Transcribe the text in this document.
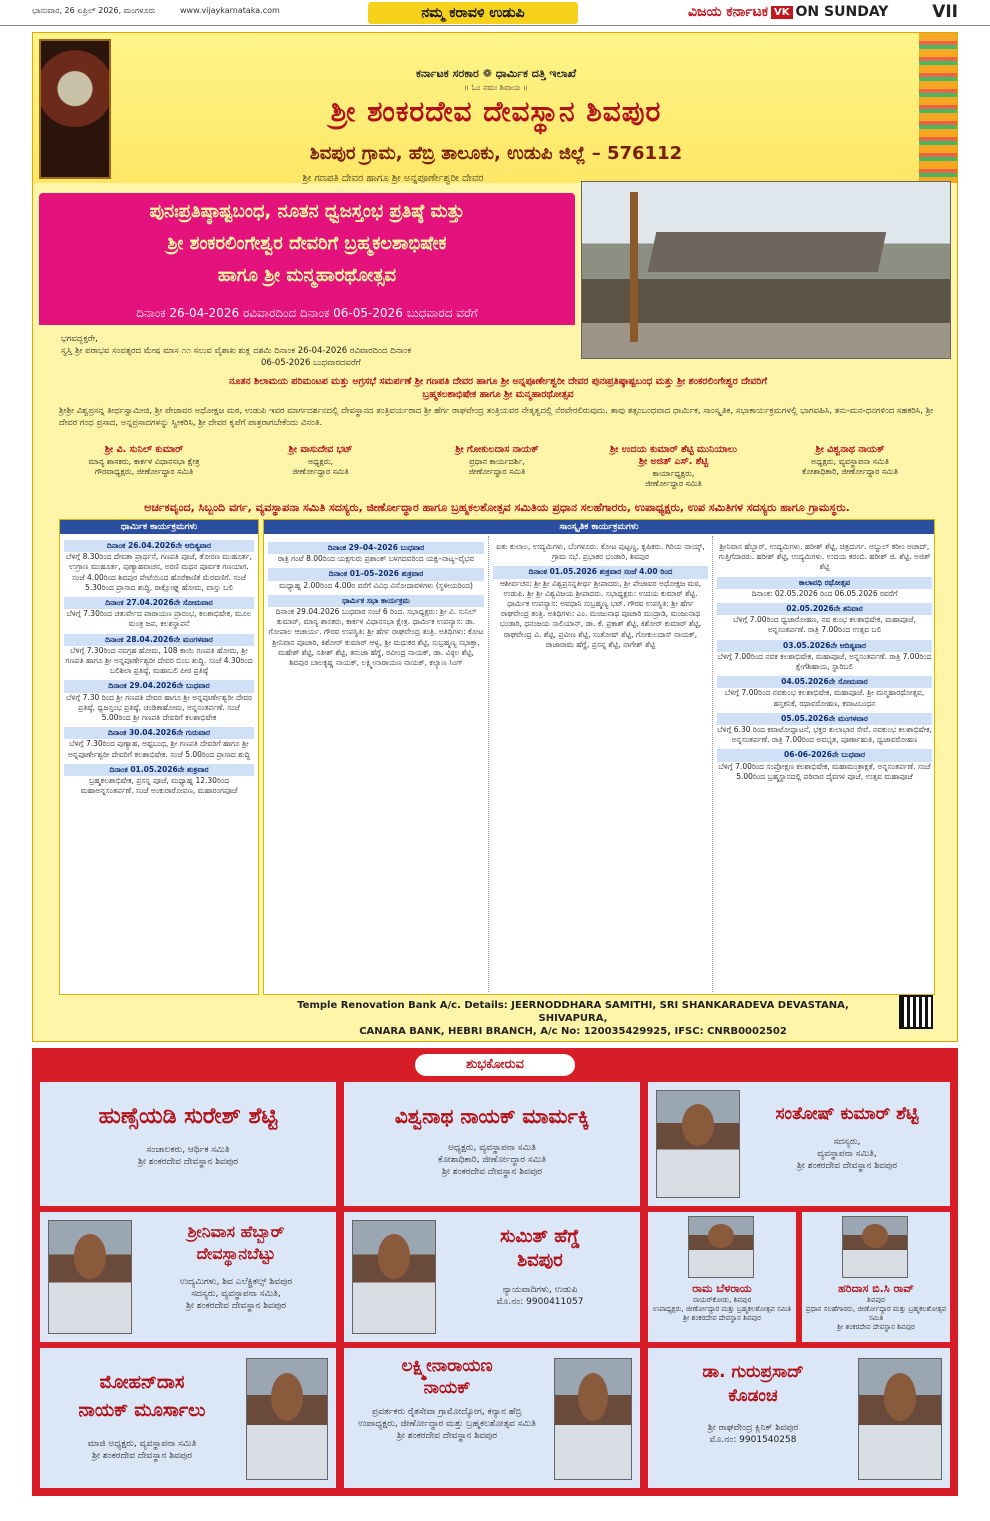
ಭಾನುವಾರ, 26 ಏಪ್ರಿಲ್ 2026, ಮಂಗಳೂರು	www.vijaykarnataka.com	ನಮ್ಮ ಕರಾವಳಿ ಉಡುಪಿ	ವಿಜಯ ಕರ್ನಾಟಕ VK ON SUNDAY	VII
ಕರ್ನಾಟಕ ಸರಕಾರ ❁ ಧಾರ್ಮಿಕ ದತ್ತಿ ಇಲಾಖೆ
॥ ಓಂ ನಮಃ ಶಿವಾಯ ॥
ಶ್ರೀ ಶಂಕರದೇವ ದೇವಸ್ಥಾನ ಶಿವಪುರ
ಶಿವಪುರ ಗ್ರಾಮ, ಹೆಬ್ರಿ ತಾಲೂಕು, ಉಡುಪಿ ಜಿಲ್ಲೆ – 576112
ಶ್ರೀ ಗಣಪತಿ ದೇವರ ಹಾಗೂ ಶ್ರೀ ಅನ್ನಪೂರ್ಣೇಶ್ವರೀ ದೇವರ
ಪುನಃಪ್ರತಿಷ್ಠಾಷ್ಟಬಂಧ, ನೂತನ ಧ್ವಜಸ್ತಂಭ ಪ್ರತಿಷ್ಠೆ ಮತ್ತು
ಶ್ರೀ ಶಂಕರಲಿಂಗೇಶ್ವರ ದೇವರಿಗೆ ಬ್ರಹ್ಮಕಲಶಾಭಿಷೇಕ
ಹಾಗೂ ಶ್ರೀ ಮನ್ಮಹಾರಥೋತ್ಸವ
ದಿನಾಂಕ 26-04-2026 ರವಿವಾರದಿಂದ ದಿನಾಂಕ 06-05-2026 ಬುಧವಾರದ ವರೆಗೆ
ಭಗವದ್ಭಕ್ತರೇ,
ಸ್ವಸ್ತಿ ಶ್ರೀ ಪರಾಭವ ಸಂವತ್ಸರದ ಮೇಷ ಮಾಸ ೧೧ ಸಲುವ ವೈಶಾಖ ಶುಕ್ಲ ದಶಮಿ ದಿನಾಂಕ 26-04-2026 ರವಿವಾರದಿಂದ ದಿನಾಂಕ
06-05-2026 ಬುಧವಾರದವರೆಗೆ
ನೂತನ ಶಿಲಾಮಯ ಪರಿಮಂಟಪ ಮತ್ತು ಅಗ್ರಸಭೆ ಸಮರ್ಪಣೆ ಶ್ರೀ ಗಣಪತಿ ದೇವರ ಹಾಗೂ ಶ್ರೀ ಅನ್ನಪೂರ್ಣೇಶ್ವರೀ ದೇವರ ಪುನಃಪ್ರತಿಷ್ಠಾಷ್ಟಬಂಧ ಮತ್ತು ಶ್ರೀ ಶಂಕರಲಿಂಗೇಶ್ವರ ದೇವರಿಗೆ
ಬ್ರಹ್ಮಕಲಶಾಭಿಷೇಕ ಹಾಗೂ ಶ್ರೀ ಮನ್ಮಹಾರಥೋತ್ಸವ
ಶ್ರೀಶ್ರೀ ವಿಶ್ವಪ್ರಸನ್ನ ತೀರ್ಥಸ್ವಾಮೀಜಿ, ಶ್ರೀ ಪೇಜಾವರ ಅಧೋಕ್ಷಜ ಮಠ, ಉಡುಪಿ ಇವರ ಮಾರ್ಗದರ್ಶನದಲ್ಲಿ ದೇವಸ್ಥಾನದ ತಂತ್ರಿವರ್ಯರಾದ ಶ್ರೀ ಹೆರ್ಗ ರಾಘವೇಂದ್ರ ತಂತ್ರಿಯವರ ನೇತೃತ್ವದಲ್ಲಿ ನೆರವೇರಲಿರುವುದು. ತಾವು ತತ್ಸಂಬಂಧವಾದ ಧಾರ್ಮಿಕ, ಸಾಂಸ್ಕೃತಿಕ, ಸಭಾಕಾರ್ಯಕ್ರಮಗಳಲ್ಲಿ ಭಾಗವಹಿಸಿ, ತನು-ಮನ-ಧನಗಳಿಂದ ಸಹಕರಿಸಿ, ಶ್ರೀ ದೇವರ ಗಂಧ ಪ್ರಸಾದ, ಅನ್ನಪ್ರಸಾದಗಳನ್ನು ಸ್ವೀಕರಿಸಿ, ಶ್ರೀ ದೇವರ ಕೃಪೆಗೆ ಪಾತ್ರರಾಗಬೇಕೆಂದು ವಿನಂತಿ.
ಶ್ರೀ ವಿ. ಸುನಿಲ್ ಕುಮಾರ್
ಮಾನ್ಯ ಶಾಸಕರು, ಕಾರ್ಕಳ ವಿಧಾನಸಭಾ ಕ್ಷೇತ್ರ
ಗೌರವಾಧ್ಯಕ್ಷರು, ಜೀರ್ಣೋದ್ಧಾರ ಸಮಿತಿ
ಶ್ರೀ ವಾಸುದೇವ ಭಟ್
ಅಧ್ಯಕ್ಷರು,
ಜೀರ್ಣೋದ್ಧಾರ ಸಮಿತಿ
ಶ್ರೀ ಗೋಕುಲದಾಸ ನಾಯಕ್
ಪ್ರಧಾನ ಕಾರ್ಯದರ್ಶಿ,
ಜೀರ್ಣೋದ್ಧಾರ ಸಮಿತಿ
ಶ್ರೀ ಉದಯ ಕುಮಾರ್ ಶೆಟ್ಟಿ ಮುನಿಯಾಲು
ಶ್ರೀ ಅಜಿತ್ ಎಸ್. ಶೆಟ್ಟಿ
ಕಾರ್ಯಾಧ್ಯಕ್ಷರು,
ಜೀರ್ಣೋದ್ಧಾರ ಸಮಿತಿ
ಶ್ರೀ ವಿಶ್ವನಾಥ ನಾಯಕ್
ಅಧ್ಯಕ್ಷರು, ವ್ಯವಸ್ಥಾಪನಾ ಸಮಿತಿ
ಕೋಶಾಧಿಕಾರಿ, ಜೀರ್ಣೋದ್ಧಾರ ಸಮಿತಿ
ಅರ್ಚಕವೃಂದ, ಸಿಬ್ಬಂದಿ ವರ್ಗ, ವ್ಯವಸ್ಥಾಪನಾ ಸಮಿತಿ ಸದಸ್ಯರು, ಜೀರ್ಣೋದ್ಧಾರ ಹಾಗೂ ಬ್ರಹ್ಮಕಲಶೋತ್ಸವ ಸಮಿತಿಯ ಪ್ರಧಾನ ಸಲಹೆಗಾರರು, ಉಪಾಧ್ಯಕ್ಷರು, ಉಪ ಸಮಿತಿಗಳ ಸದಸ್ಯರು ಹಾಗೂ ಗ್ರಾಮಸ್ಥರು.
ಧಾರ್ಮಿಕ ಕಾರ್ಯಕ್ರಮಗಳು
ದಿನಾಂಕ 26.04.2026ನೇ ಆದಿತ್ಯವಾರ
ಬೆಳಿಗ್ಗೆ 8.30ರಿಂದ ದೇವತಾ ಪ್ರಾರ್ಥನೆ, ಗಣಪತಿ ಪೂಜೆ, ತೋರಣ ಮುಹೂರ್ತ, ಉಗ್ರಾಣ ಮುಹೂರ್ತ, ಪುಣ್ಯಾಹವಾಚನ, ಅರಣಿ ಮಥನ ಪೂರ್ವಕ ಗಣಯಾಗ. ಸಂಜೆ 4.00ರಿಂದ ಶಿವಪುರ ಪೇಟೆಯಿಂದ ಹೊರೆಕಾಣಿಕೆ ಮೆರವಣಿಗೆ. ಸಂಜೆ 5.30ರಿಂದ ಪ್ರಾಸಾದ ಶುದ್ಧಿ, ರಾಕ್ಷೋಘ್ನ ಹೋಮ, ವಾಸ್ತು ಬಲಿ
ದಿನಾಂಕ 27.04.2026ನೇ ಸೋಮವಾರ
ಬೆಳಿಗ್ಗೆ 7.30ರಿಂದ ಚತುರ್ವೇದ ಪಾರಾಯಣ ಪ್ರಾರಂಭ, ಕಲಶಾಭಿಷೇಕ, ಮೂಲ ಮಂತ್ರ ಜಪ, ಕಲಶಸ್ಥಾಪನೆ
ದಿನಾಂಕ 28.04.2026ನೇ ಮಂಗಳವಾರ
ಬೆಳಿಗ್ಗೆ 7.30ರಿಂದ ನವಗ್ರಹ ಹೋಮ, 108 ಕಾಯಿ ಗಣಪತಿ ಹೋಮ, ಶ್ರೀ ಗಣಪತಿ ಹಾಗೂ ಶ್ರೀ ಅನ್ನಪೂರ್ಣೇಶ್ವರೀ ದೇವರ ಬಿಂಬ ಶುದ್ಧಿ. ಸಂಜೆ 4.30ರಿಂದ ಬಲಿಶಿಲಾ ಪ್ರತಿಷ್ಠೆ, ಮಹಾಬಲಿ ಪೀಠ ಪ್ರತಿಷ್ಠೆ
ದಿನಾಂಕ 29.04.2026ನೇ ಬುಧವಾರ
ಬೆಳಿಗ್ಗೆ 7.30 ರಿಂದ ಶ್ರೀ ಗಣಪತಿ ದೇವರ ಹಾಗೂ ಶ್ರೀ ಅನ್ನಪೂರ್ಣೇಶ್ವರೀ ದೇವರ ಪ್ರತಿಷ್ಠೆ, ಧ್ವಜಸ್ತಂಭ ಪ್ರತಿಷ್ಠೆ, ಚಂಡಿಕಾಹೋಮ, ಅನ್ನಸಂತರ್ಪಣೆ. ಸಂಜೆ 5.00ರಿಂದ ಶ್ರೀ ಗಣಪತಿ ದೇವರಿಗೆ ಕಲಶಾಭಿಷೇಕ
ದಿನಾಂಕ 30.04.2026ನೇ ಗುರುವಾರ
ಬೆಳಿಗ್ಗೆ 7.30ರಿಂದ ಪುಣ್ಯಾಹ, ಅಷ್ಟಬಂಧ, ಶ್ರೀ ಗಣಪತಿ ದೇವರಿಗೆ ಹಾಗೂ ಶ್ರೀ ಅನ್ನಪೂರ್ಣೇಶ್ವರೀ ದೇವರಿಗೆ ಕಲಶಾಭಿಷೇಕ. ಸಂಜೆ 5.00ರಿಂದ ಪ್ರಾಸಾದ ಶುದ್ಧಿ
ದಿನಾಂಕ 01.05.2026ನೇ ಶುಕ್ರವಾರ
ಬ್ರಹ್ಮಕಲಶಾಭಿಷೇಕ, ಪ್ರಸನ್ನ ಪೂಜೆ, ಮಧ್ಯಾಹ್ನ 12.30ರಿಂದ ಮಹಾಅನ್ನಸಂತರ್ಪಣೆ. ಸಂಜೆ ಅಂಕುರಾರೋಪಣ, ಮಹಾರಂಗಪೂಜೆ
ಸಾಂಸ್ಕೃತಿಕ ಕಾರ್ಯಕ್ರಮಗಳು
ದಿನಾಂಕ 29–04–2026 ಬುಧವಾರ
ರಾತ್ರಿ ಗಂಟೆ 8.00ರಿಂದ ಯಕ್ಷಗುರು ಪ್ರಶಾಂತ್ ಬಳಗದವರಿಂದ ಯಕ್ಷ–ನಾಟ್ಯ–ವೈಭವ
ದಿನಾಂಕ 01–05–2026 ಶುಕ್ರವಾರ
ಮಧ್ಯಾಹ್ನ 2.00ರಿಂದ 4.00ರ ವರೆಗೆ ವಿವಿಧ ವಿನೋದಾವಳಿಗಳು (ಸ್ಥಳೀಯರಿಂದ)
ಧಾರ್ಮಿಕ ಸಭಾ ಕಾರ್ಯಕ್ರಮ
ದಿನಾಂಕ 29.04.2026 ಬುಧವಾರ ಸಂಜೆ 6 ರಿಂದ. ಸಭಾಧ್ಯಕ್ಷರು: ಶ್ರೀ ವಿ. ಸುನಿಲ್ ಕುಮಾರ್, ಮಾನ್ಯ ಶಾಸಕರು, ಕಾರ್ಕಳ ವಿಧಾನಸಭಾ ಕ್ಷೇತ್ರ. ಧಾರ್ಮಿಕ ಉಪನ್ಯಾಸ: ಡಾ. ಗೋಪಾಲ ಆಚಾರ್ಯ. ಗೌರವ ಉಪಸ್ಥಿತಿ: ಶ್ರೀ ಹೆರ್ಗ ರಾಘವೇಂದ್ರ ತಂತ್ರಿ. ಅತಿಥಿಗಳು: ಕೋಟ ಶ್ರೀನಿವಾಸ ಪೂಜಾರಿ, ಕಿಶೋರ್ ಕುಮಾರ್ ಆಳ್ವ, ಶ್ರೀ ಮಧುಕರ ಶೆಟ್ಟಿ, ಸುಬ್ರಹ್ಮಣ್ಯ ಸಭಾಕ್ತಾ, ಮಹೇಶ್ ಶೆಟ್ಟಿ, ಸತೀಶ್ ಶೆಟ್ಟಿ, ತನುಜಾ ಹೆಗ್ಡೆ, ರವೀಂದ್ರ ನಾಯಕ್, ಡಾ. ವಿಠ್ಠಲ ಶೆಟ್ಟಿ, ಶಿವಪುರ ಬಾಲಕೃಷ್ಣ ನಾಯಕ್, ಲಕ್ಷ್ಮೀನಾರಾಯಣ ನಾಯಕ್, ಕಲ್ಯಾಣ ಸಿಂಗ್
ಐತು ಕುಲಾಲ, ಉದ್ಯಮಿಗಳು, ಬೆಂಗಳೂರು. ಕೋಟ ಪುಟ್ಟಣ್ಣ, ಕೃಷಿಕರು. ಗಿರಿಯ ನಾಯ್ಕ್, ಗ್ರಾಮ ಸಭೆ. ಪ್ರಭಾಕರ ಭಂಡಾರಿ, ಶಿವಪುರ
ದಿನಾಂಕ 01.05.2026 ಶುಕ್ರವಾರ ಸಂಜೆ 4.00 ರಿಂದ
ಆಶೀರ್ವಚನ: ಶ್ರೀ ಶ್ರೀ ವಿಶ್ವಪ್ರಸನ್ನತೀರ್ಥ ಶ್ರೀಪಾದರು, ಶ್ರೀ ಪೇಜಾವರ ಅಧೋಕ್ಷಜ ಮಠ, ಉಡುಪಿ. ಶ್ರೀ ಶ್ರೀ ವಿಶ್ವವಿಜಯ ಶ್ರೀಪಾದರು. ಸಭಾಧ್ಯಕ್ಷರು: ಉದಯ ಕುಮಾರ್ ಶೆಟ್ಟಿ. ಧಾರ್ಮಿಕ ಉಪನ್ಯಾಸ: ಅವಧಾನಿ ಸುಬ್ರಹ್ಮಣ್ಯ ಭಟ್. ಗೌರವ ಉಪಸ್ಥಿತಿ: ಶ್ರೀ ಹೆರ್ಗ ರಾಘವೇಂದ್ರ ತಂತ್ರಿ. ಅತಿಥಿಗಳು: ಎಂ. ಮಂಜುನಾಥ ಪೂಜಾರಿ ಮುದ್ರಾಡಿ, ಮಂಜುನಾಥ ಭಂಡಾರಿ, ಧನಂಜಯ ಸಾಲಿಯಾನ್, ಡಾ. ಕೆ. ಪ್ರಕಾಶ್ ಶೆಟ್ಟಿ, ಕಿಶೋರ್ ಕುಮಾರ್ ಶೆಟ್ಟಿ, ರಾಘವೇಂದ್ರ ವಿ. ಶೆಟ್ಟಿ, ಪ್ರವೀಣ ಶೆಟ್ಟಿ, ಸಂತೋಷ್ ಶೆಟ್ಟಿ, ಗೋಕುಲದಾಸ್ ನಾಯಕ್, ರಾಜಾರಾಮ ಹೆಗ್ಡೆ, ಪ್ರಸನ್ನ ಶೆಟ್ಟಿ, ನಾಗೇಶ್ ಶೆಟ್ಟಿ
ಶ್ರೀನಿವಾಸ ಹೆಬ್ಬಾರ್, ಉದ್ಯಮಿಗಳು. ಹರೀಶ್ ಶೆಟ್ಟಿ, ಚಿತ್ರದುರ್ಗ. ಅಬ್ದುಲ್ ಕರೀಂ ಅಜಾದ್, ಗುತ್ತಿಗೆದಾರರು. ಹರೀಶ್ ಶೆಟ್ಟಿ, ಉದ್ಯಮಿಗಳು. ಉದಯ ಕರಂಬಿ. ಹರೀಶ್ ಜಿ. ಶೆಟ್ಟಿ. ಅಜಿತ್ ಶೆಟ್ಟಿ
ಕಾಲಾವಧಿ ರಥೋತ್ಸವ
ದಿನಾಂಕ: 02.05.2026 ರಿಂದ 06.05.2026 ರವರೆಗೆ
02.05.2026ನೇ ಶನಿವಾರ
ಬೆಳಿಗ್ಗೆ 7.00ರಿಂದ ಧ್ವಜಾರೋಹಣ, ನವ ಕುಂಭ ಕಲಶಾಭಿಷೇಕ, ಮಹಾಪೂಜೆ, ಅನ್ನಸಂತರ್ಪಣೆ. ರಾತ್ರಿ 7.00ರಿಂದ ಉತ್ಸವ ಬಲಿ
03.05.2026ನೇ ಆದಿತ್ಯವಾರ
ಬೆಳಿಗ್ಗೆ 7.00ರಿಂದ ನವಕ ಕಲಶಾಭಿಷೇಕ, ಮಹಾಪೂಜೆ, ಅನ್ನಸಂತರ್ಪಣೆ. ರಾತ್ರಿ 7.00ರಿಂದ ಕ್ಷೇಗೆಶಿಹಾಯ, ಸ್ಥಾರಿಬಲಿ
04.05.2026ನೇ ಸೋಮವಾರ
ಬೆಳಿಗ್ಗೆ 7.00ರಿಂದ ನವಕುಂಭ ಕಲಶಾಭಿಷೇಕ, ಮಹಾಪೂಜೆ. ಶ್ರೀ ಮನ್ಮಹಾರಥೋತ್ಸವ, ಹಸ್ತಕನಿಕೆ, ರಥಾವರೋಹಣ, ಕವಾಟಬಂಧನ
05.05.2026ನೇ ಮಂಗಳವಾರ
ಬೆಳಿಗ್ಗೆ 6.30 ರಿಂದ ಕವಾಟೋದ್ಘಾಟನೆ, ಭಕ್ತರ ತುಲಾಭಾರ ಸೇವೆ. ನವಕುಂಭ ಕಲಶಾಭಿಷೇಕ, ಅನ್ನಸಂತರ್ಪಣೆ. ರಾತ್ರಿ 7.00ರಿಂದ ಅವಭೃತ, ಪೂರ್ಣಾಹುತಿ, ಧ್ವಜಾವರೋಹಣ
06-06-2026ನೇ ಬುಧವಾರ
ಬೆಳಿಗ್ಗೆ 7.00ರಿಂದ ಸಂಪ್ರೋಕ್ಷಣ ಕಲಶಾಭಿಷೇಕ, ಮಹಾಮಂತ್ರಾಕ್ಷತೆ, ಅನ್ನಸಂತರ್ಪಣೆ. ಸಂಜೆ 5.00ರಿಂದ ಬ್ರಹ್ಮಸ್ಥಾನದಲ್ಲಿ ಪರಿವಾರ ದೈವಗಳ ಪೂಜೆ, ಉತ್ಸವ ಮಹಾಪೂಜೆ
Temple Renovation Bank A/c. Details: JEERNODDHARA SAMITHI, SRI SHANKARADEVA DEVASTANA, SHIVAPURA,
CANARA BANK, HEBRI BRANCH, A/c No: 120035429925, IFSC: CNRB0002502
ಶುಭಕೋರುವ
ಹುಣ್ಸೆಯಡಿ ಸುರೇಶ್ ಶೆಟ್ಟಿ
ಸಂಚಾಲಕರು, ಆರ್ಥಿಕ ಸಮಿತಿ
ಶ್ರೀ ಶಂಕರದೇವ ದೇವಸ್ಥಾನ ಶಿವಪುರ
ವಿಶ್ವನಾಥ ನಾಯಕ್ ಮಾರ್ಮಕ್ಕಿ
ಅಧ್ಯಕ್ಷರು, ವ್ಯವಸ್ಥಾಪನಾ ಸಮಿತಿ
ಕೋಶಾಧಿಕಾರಿ, ಜೀರ್ಣೋದ್ಧಾರ ಸಮಿತಿ
ಶ್ರೀ ಶಂಕರದೇವ ದೇವಸ್ಥಾನ ಶಿವಪುರ
ಸಂತೋಷ್ ಕುಮಾರ್ ಶೆಟ್ಟಿ
ಸದಸ್ಯರು,
ವ್ಯವಸ್ಥಾಪನಾ ಸಮಿತಿ,
ಶ್ರೀ ಶಂಕರದೇವ ದೇವಸ್ಥಾನ ಶಿವಪುರ
ಶ್ರೀನಿವಾಸ ಹೆಬ್ಬಾರ್
ದೇವಸ್ಥಾನಬೆಟ್ಟು
ಉದ್ಯಮಿಗಳು, ಶಿವ ಎಲೆಕ್ಟ್ರಿಕಲ್ಸ್ ಶಿವಪುರ
ಸದಸ್ಯರು, ವ್ಯವಸ್ಥಾಪನಾ ಸಮಿತಿ,
ಶ್ರೀ ಶಂಕರದೇವ ದೇವಸ್ಥಾನ ಶಿವಪುರ
ಸುಮಿತ್ ಹೆಗ್ಡೆ
ಶಿವಪುರ
ನ್ಯಾಯವಾದಿಗಳು, ಉಡುಪಿ
ಮೊ.ನಂ: 9900411057
ರಾಮ ಬೆಳರಾಯ
ನಾಯರ್‌ಕೋಡು, ಶಿವಪುರ
ಉಪಾಧ್ಯಕ್ಷರು, ಜೀರ್ಣೋದ್ಧಾರ ಮತ್ತು ಬ್ರಹ್ಮಕಲಶೋತ್ಸವ ಸಮಿತಿ
ಶ್ರೀ ಶಂಕರದೇವ ದೇವಸ್ಥಾನ ಶಿವಪುರ
ಹರಿದಾಸ ಬಿ.ಸಿ ರಾವ್
ಶಿವಪುರ
ಪ್ರಧಾನ ಸಲಹೆಗಾರರು, ಜೀರ್ಣೋದ್ಧಾರ ಮತ್ತು ಬ್ರಹ್ಮಕಲಶೋತ್ಸವ ಸಮಿತಿ
ಶ್ರೀ ಶಂಕರದೇವ ದೇವಸ್ಥಾನ ಶಿವಪುರ
ಮೋಹನ್‌ದಾಸ
ನಾಯಕ್ ಮೂರ್ಸಾಲು
ಮಾಜಿ ಅಧ್ಯಕ್ಷರು, ವ್ಯವಸ್ಥಾಪನಾ ಸಮಿತಿ
ಶ್ರೀ ಶಂಕರದೇವ ದೇವಸ್ಥಾನ ಶಿವಪುರ
ಲಕ್ಷ್ಮೀನಾರಾಯಣ
ನಾಯಕ್
ಪ್ರವರ್ತಕರು ರೈತಸೇವಾ ಗ್ರಾಮೋದ್ಯೋಗ, ಕನ್ಯಾನ ಹೆಬ್ರಿ
ಉಪಾಧ್ಯಕ್ಷರು, ಜೀರ್ಣೋದ್ಧಾರ ಮತ್ತು ಬ್ರಹ್ಮಕಲಶೋತ್ಸವ ಸಮಿತಿ
ಶ್ರೀ ಶಂಕರದೇವ ದೇವಸ್ಥಾನ ಶಿವಪುರ
ಡಾ. ಗುರುಪ್ರಸಾದ್
ಕೊಡಂಚ
ಶ್ರೀ ರಾಘವೇಂದ್ರ ಕ್ಲಿನಿಕ್ ಶಿವಪುರ
ಮೊ.ನಂ: 9901540258
